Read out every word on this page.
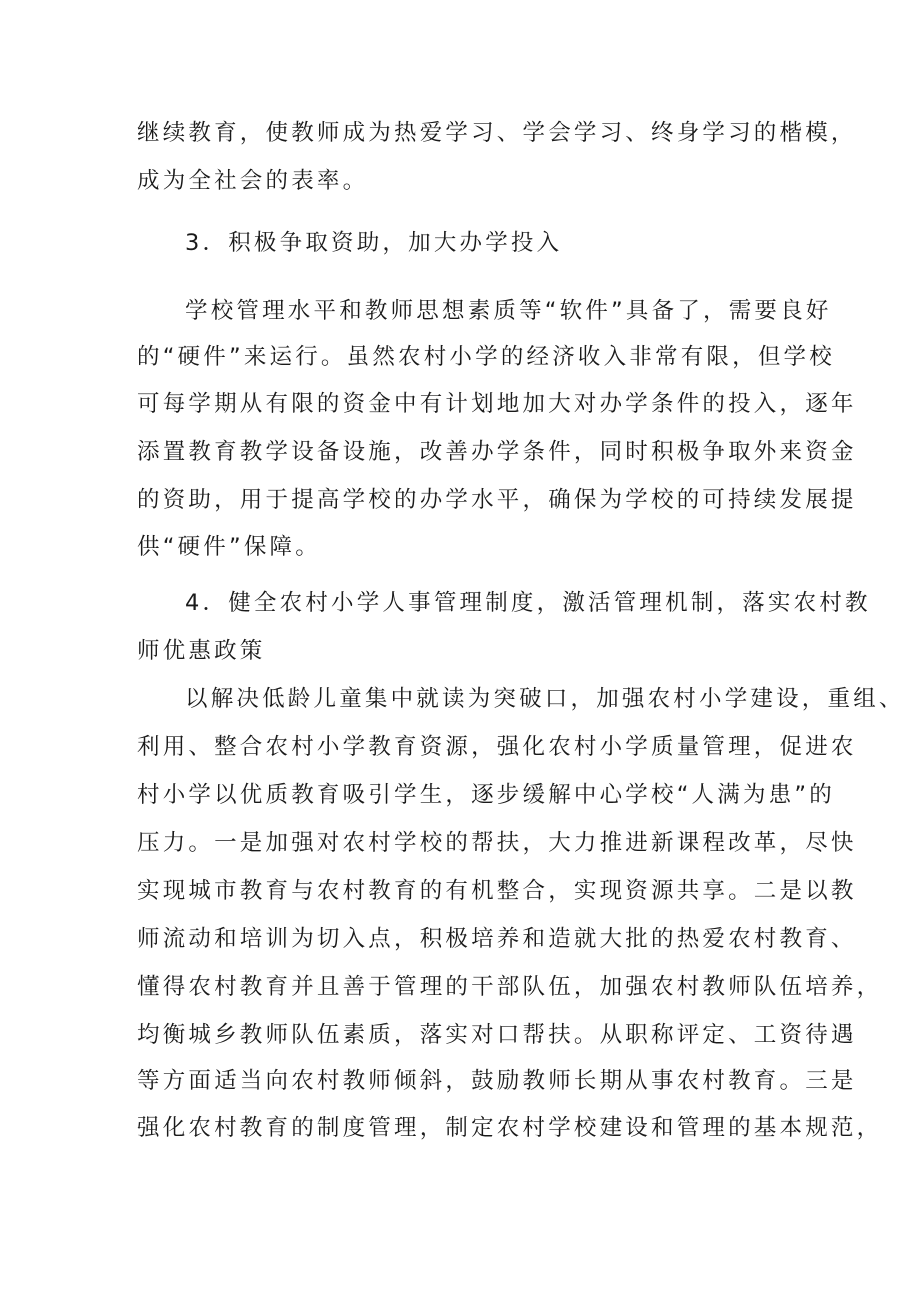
继续教育，使教师成为热爱学习、学会学习、终身学习的楷模，
成为全社会的表率。
3．积极争取资助，加大办学投入
学校管理水平和教师思想素质等“软件”具备了，需要良好
的“硬件”来运行。虽然农村小学的经济收入非常有限，但学校
可每学期从有限的资金中有计划地加大对办学条件的投入，逐年
添置教育教学设备设施，改善办学条件，同时积极争取外来资金
的资助，用于提高学校的办学水平，确保为学校的可持续发展提
供“硬件”保障。
4．健全农村小学人事管理制度，激活管理机制，落实农村教
师优惠政策
以解决低龄儿童集中就读为突破口，加强农村小学建设，重组、
利用、整合农村小学教育资源，强化农村小学质量管理，促进农
村小学以优质教育吸引学生，逐步缓解中心学校“人满为患”的
压力。一是加强对农村学校的帮扶，大力推进新课程改革，尽快
实现城市教育与农村教育的有机整合，实现资源共享。二是以教
师流动和培训为切入点，积极培养和造就大批的热爱农村教育、
懂得农村教育并且善于管理的干部队伍，加强农村教师队伍培养，
均衡城乡教师队伍素质，落实对口帮扶。从职称评定、工资待遇
等方面适当向农村教师倾斜，鼓励教师长期从事农村教育。三是
强化农村教育的制度管理，制定农村学校建设和管理的基本规范，
